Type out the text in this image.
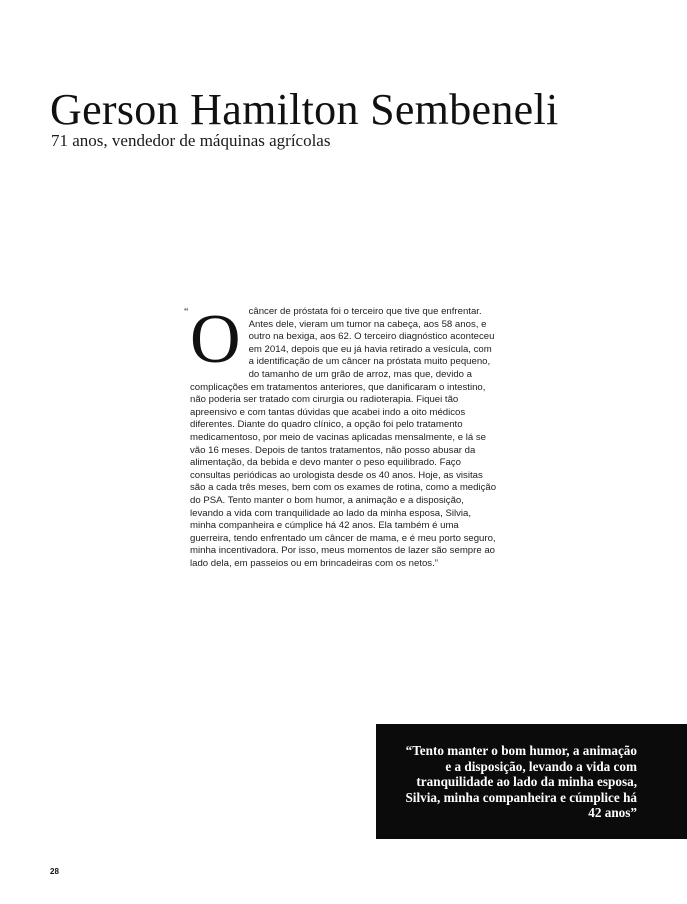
Gerson Hamilton Sembeneli
71 anos, vendedor de máquinas agrícolas
“ Ocâncer de próstata foi o terceiro que tive que enfrentar. Antes dele, vieram um tumor na cabeça, aos 58 anos, e outro na bexiga, aos 62. O terceiro diagnóstico aconteceu em 2014, depois que eu já havia retirado a vesícula, com a identificação de um câncer na próstata muito pequeno, do tamanho de um grão de arroz, mas que, devido a complicações em tratamentos anteriores, que danificaram o intestino, não poderia ser tratado com cirurgia ou radioterapia. Fiquei tão apreensivo e com tantas dúvidas que acabei indo a oito médicos diferentes. Diante do quadro clínico, a opção foi pelo tratamento medicamentoso, por meio de vacinas aplicadas mensalmente, e lá se vão 16 meses. Depois de tantos tratamentos, não posso abusar da alimentação, da bebida e devo manter o peso equilibrado. Faço consultas periódicas ao urologista desde os 40 anos. Hoje, as visitas são a cada três meses, bem com os exames de rotina, como a medição do PSA. Tento manter o bom humor, a animação e a disposição, levando a vida com tranquilidade ao lado da minha esposa, Silvia, minha companheira e cúmplice há 42 anos. Ela também é uma guerreira, tendo enfrentado um câncer de mama, e é meu porto seguro, minha incentivadora. Por isso, meus momentos de lazer são sempre ao lado dela, em passeios ou em brincadeiras com os netos.”

“Tento manter o bom humor, a animação e a disposição, levando a vida com tranquilidade ao lado da minha esposa, Silvia, minha companheira e cúmplice há 42 anos”

28
